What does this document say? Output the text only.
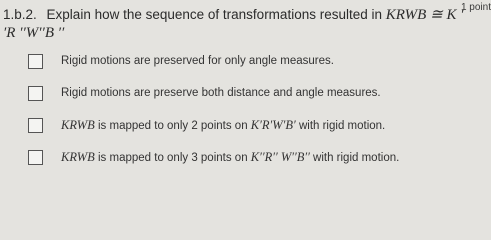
1.b.2. Explain how the sequence of transformations resulted in KRWB ≅ K ′
′R ′′W′′B ′′
1 point
Rigid motions are preserved for only angle measures.
Rigid motions are preserve both distance and angle measures.
KRWB is mapped to only 2 points on K′R′W′B′ with rigid motion.
KRWB is mapped to only 3 points on K′′R′′ W′′B′′ with rigid motion.
